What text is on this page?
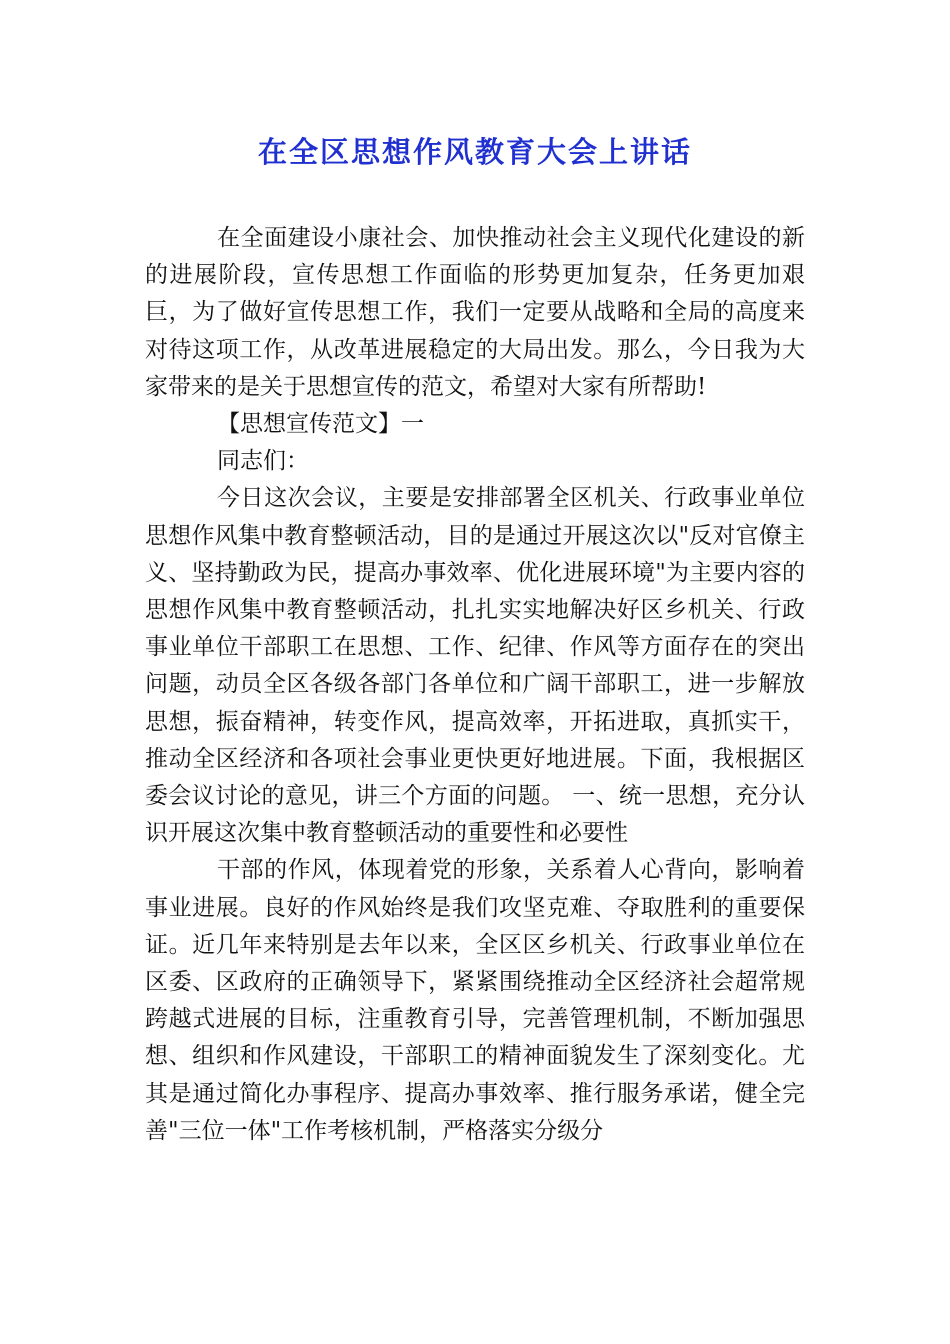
在全区思想作风教育大会上讲话

在全面建设小康社会、加快推动社会主义现代化建设的新的进展阶段，宣传思想工作面临的形势更加复杂，任务更加艰巨，为了做好宣传思想工作，我们一定要从战略和全局的高度来对待这项工作，从改革进展稳定的大局出发。那么，今日我为大家带来的是关于思想宣传的范文，希望对大家有所帮助!

【思想宣传范文】一

同志们：

今日这次会议，主要是安排部署全区机关、行政事业单位思想作风集中教育整顿活动，目的是通过开展这次以"反对官僚主义、坚持勤政为民，提高办事效率、优化进展环境"为主要内容的思想作风集中教育整顿活动，扎扎实实地解决好区乡机关、行政事业单位干部职工在思想、工作、纪律、作风等方面存在的突出问题，动员全区各级各部门各单位和广阔干部职工，进一步解放思想，振奋精神，转变作风，提高效率，开拓进取，真抓实干，推动全区经济和各项社会事业更快更好地进展。下面，我根据区委会议讨论的意见，讲三个方面的问题。 一、统一思想，充分认识开展这次集中教育整顿活动的重要性和必要性

干部的作风，体现着党的形象，关系着人心背向，影响着事业进展。良好的作风始终是我们攻坚克难、夺取胜利的重要保证。近几年来特别是去年以来，全区区乡机关、行政事业单位在区委、区政府的正确领导下，紧紧围绕推动全区经济社会超常规跨越式进展的目标，注重教育引导，完善管理机制，不断加强思想、组织和作风建设，干部职工的精神面貌发生了深刻变化。尤其是通过简化办事程序、提高办事效率、推行服务承诺，健全完善"三位一体"工作考核机制，严格落实分级分
